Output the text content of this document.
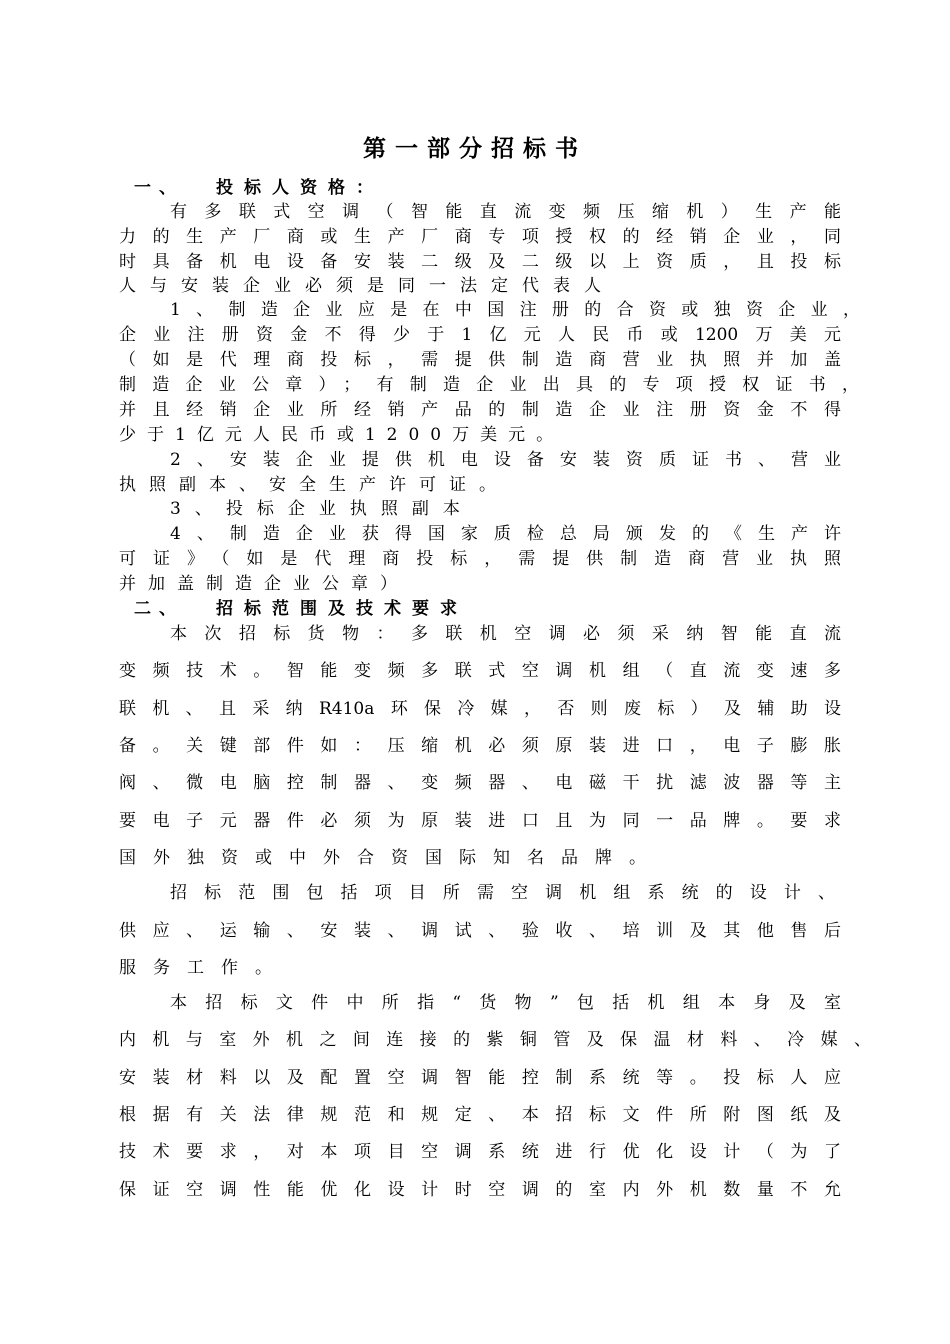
第一部分招标书
一、 投标人资格：
有多联式空调（智能直流变频压缩机）生产能
力的生产厂商或生产厂商专项授权的经销企业，同
时具备机电设备安装二级及二级以上资质，且投标
人与安装企业必须是同一法定代表人
1、制造企业应是在中国注册的合资或独资企业，
企业注册资金不得少于1亿元人民币或1200万美元
（如是代理商投标，需提供制造商营业执照并加盖
制造企业公章）；有制造企业出具的专项授权证书，
并且经销企业所经销产品的制造企业注册资金不得
少于1亿元人民币或1200万美元。
2、安装企业提供机电设备安装资质证书、营业
执照副本、安全生产许可证。
3、投标企业执照副本
4、制造企业获得国家质检总局颁发的《生产许
可证》（如是代理商投标，需提供制造商营业执照
并加盖制造企业公章）
二、 招标范围及技术要求
本次招标货物：多联机空调必须采纳智能直流
变频技术。智能变频多联式空调机组（直流变速多
联机、且采纳R410a环保冷媒，否则废标）及辅助设
备。关键部件如：压缩机必须原装进口，电子膨胀
阀、微电脑控制器、变频器、电磁干扰滤波器等主
要电子元器件必须为原装进口且为同一品牌。要求
国外独资或中外合资国际知名品牌。
招标范围包括项目所需空调机组系统的设计、
供应、运输、安装、调试、验收、培训及其他售后
服务工作。
本招标文件中所指“货物”包括机组本身及室
内机与室外机之间连接的紫铜管及保温材料、冷媒、
安装材料以及配置空调智能控制系统等。投标人应
根据有关法律规范和规定、本招标文件所附图纸及
技术要求，对本项目空调系统进行优化设计（为了
保证空调性能优化设计时空调的室内外机数量不允
